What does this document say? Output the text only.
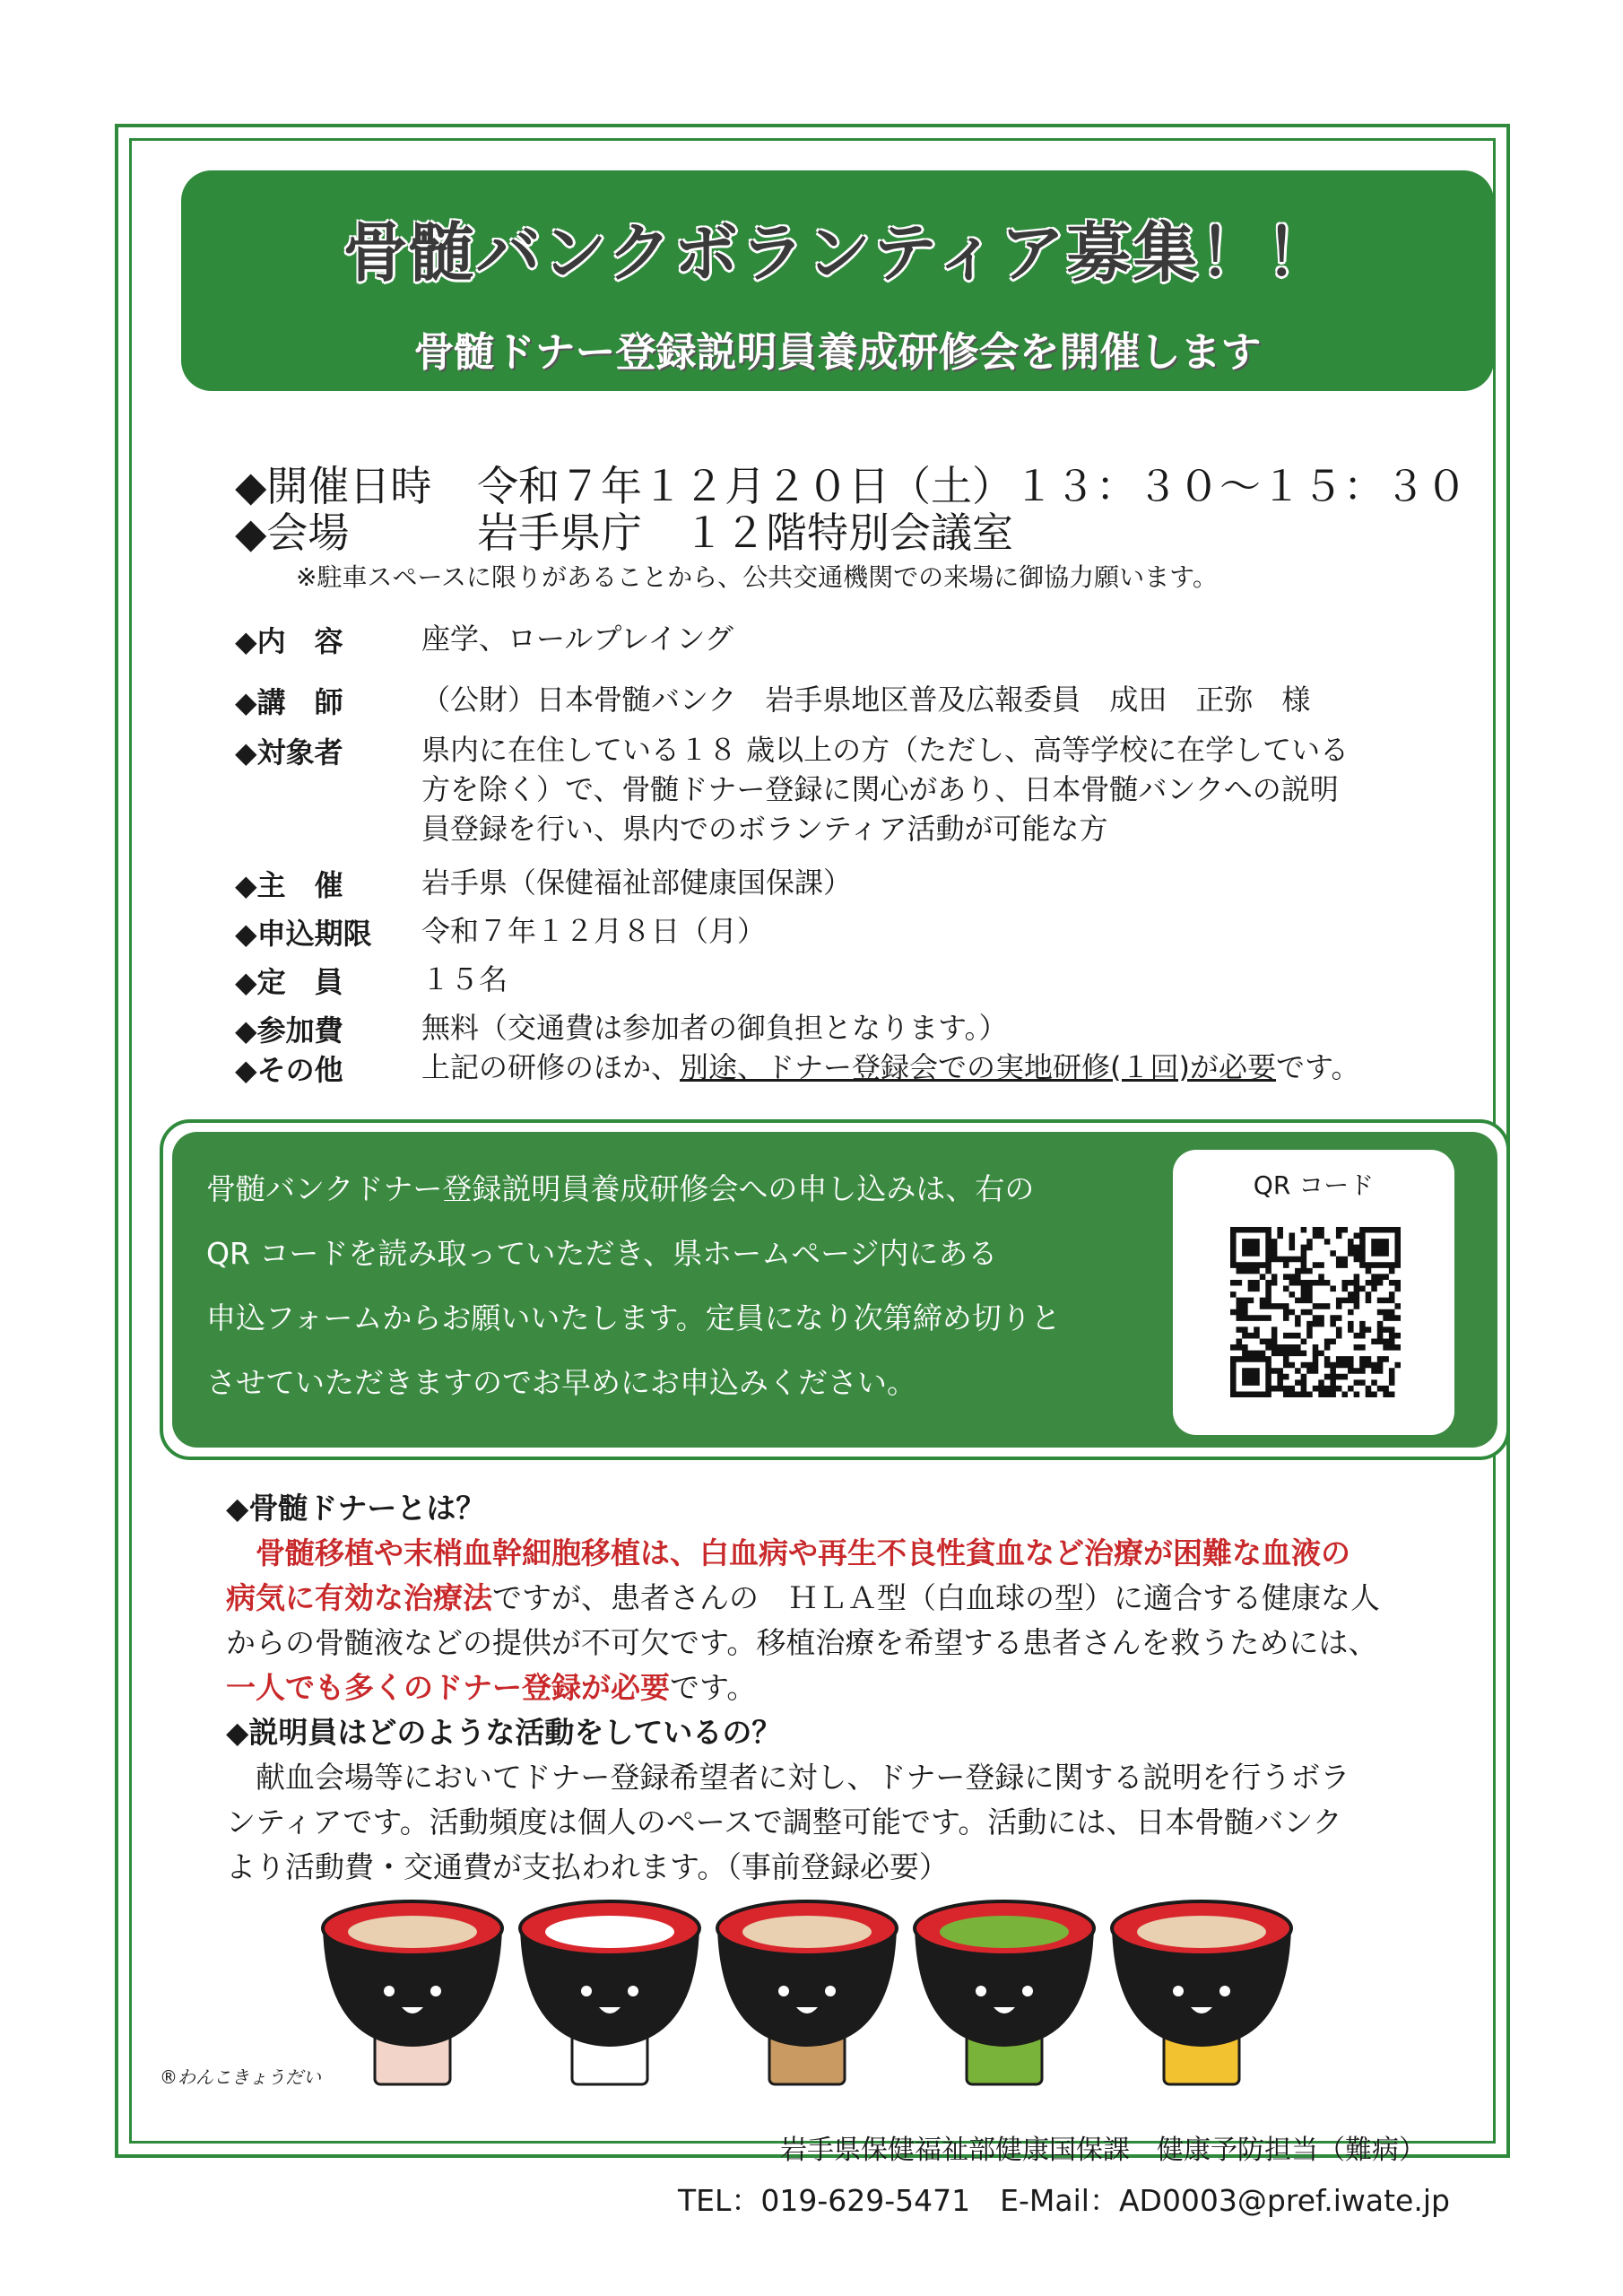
骨髄バンクボランティア募集！！
骨髄ドナー登録説明員養成研修会を開催します
◆開催日時 令和７年１２月２０日（土）１３：３０～１５：３０
◆会場	岩手県庁　１２階特別会議室
※駐車スペースに限りがあることから、公共交通機関での来場に御協力願います。
◆内　容	座学、ロールプレイング
◆講　師	（公財）日本骨髄バンク　岩手県地区普及広報委員　成田　正弥　様
◆対象者	県内に在住している１８ 歳以上の方（ただし、高等学校に在学している
方を除く）で、骨髄ドナー登録に関心があり、日本骨髄バンクへの説明
員登録を行い、県内でのボランティア活動が可能な方
◆主　催	岩手県（保健福祉部健康国保課）
◆申込期限	令和７年１２月８日（月）
◆定　員	１５名
◆参加費	無料（交通費は参加者の御負担となります。）
◆その他	上記の研修のほか、別途、ドナー登録会での実地研修(１回)が必要です。
骨髄バンクドナー登録説明員養成研修会への申し込みは、右の
QR コードを読み取っていただき、県ホームページ内にある
申込フォームからお願いいたします。定員になり次第締め切りと
させていただきますのでお早めにお申込みください。
QR コード
◆骨髄ドナーとは？
　骨髄移植や末梢血幹細胞移植は、白血病や再生不良性貧血など治療が困難な血液の
病気に有効な治療法ですが、患者さんの　ＨＬＡ型（白血球の型）に適合する健康な人
からの骨髄液などの提供が不可欠です。移植治療を希望する患者さんを救うためには、
一人でも多くのドナー登録が必要です。
◆説明員はどのような活動をしているの？
　献血会場等においてドナー登録希望者に対し、ドナー登録に関する説明を行うボラ
ンティアです。活動頻度は個人のペースで調整可能です。活動には、日本骨髄バンク
より活動費・交通費が支払われます。（事前登録必要）
®わんこきょうだい
岩手県保健福祉部健康国保課　健康予防担当（難病）
TEL：019-629-5471　E-Mail：AD0003@pref.iwate.jp
